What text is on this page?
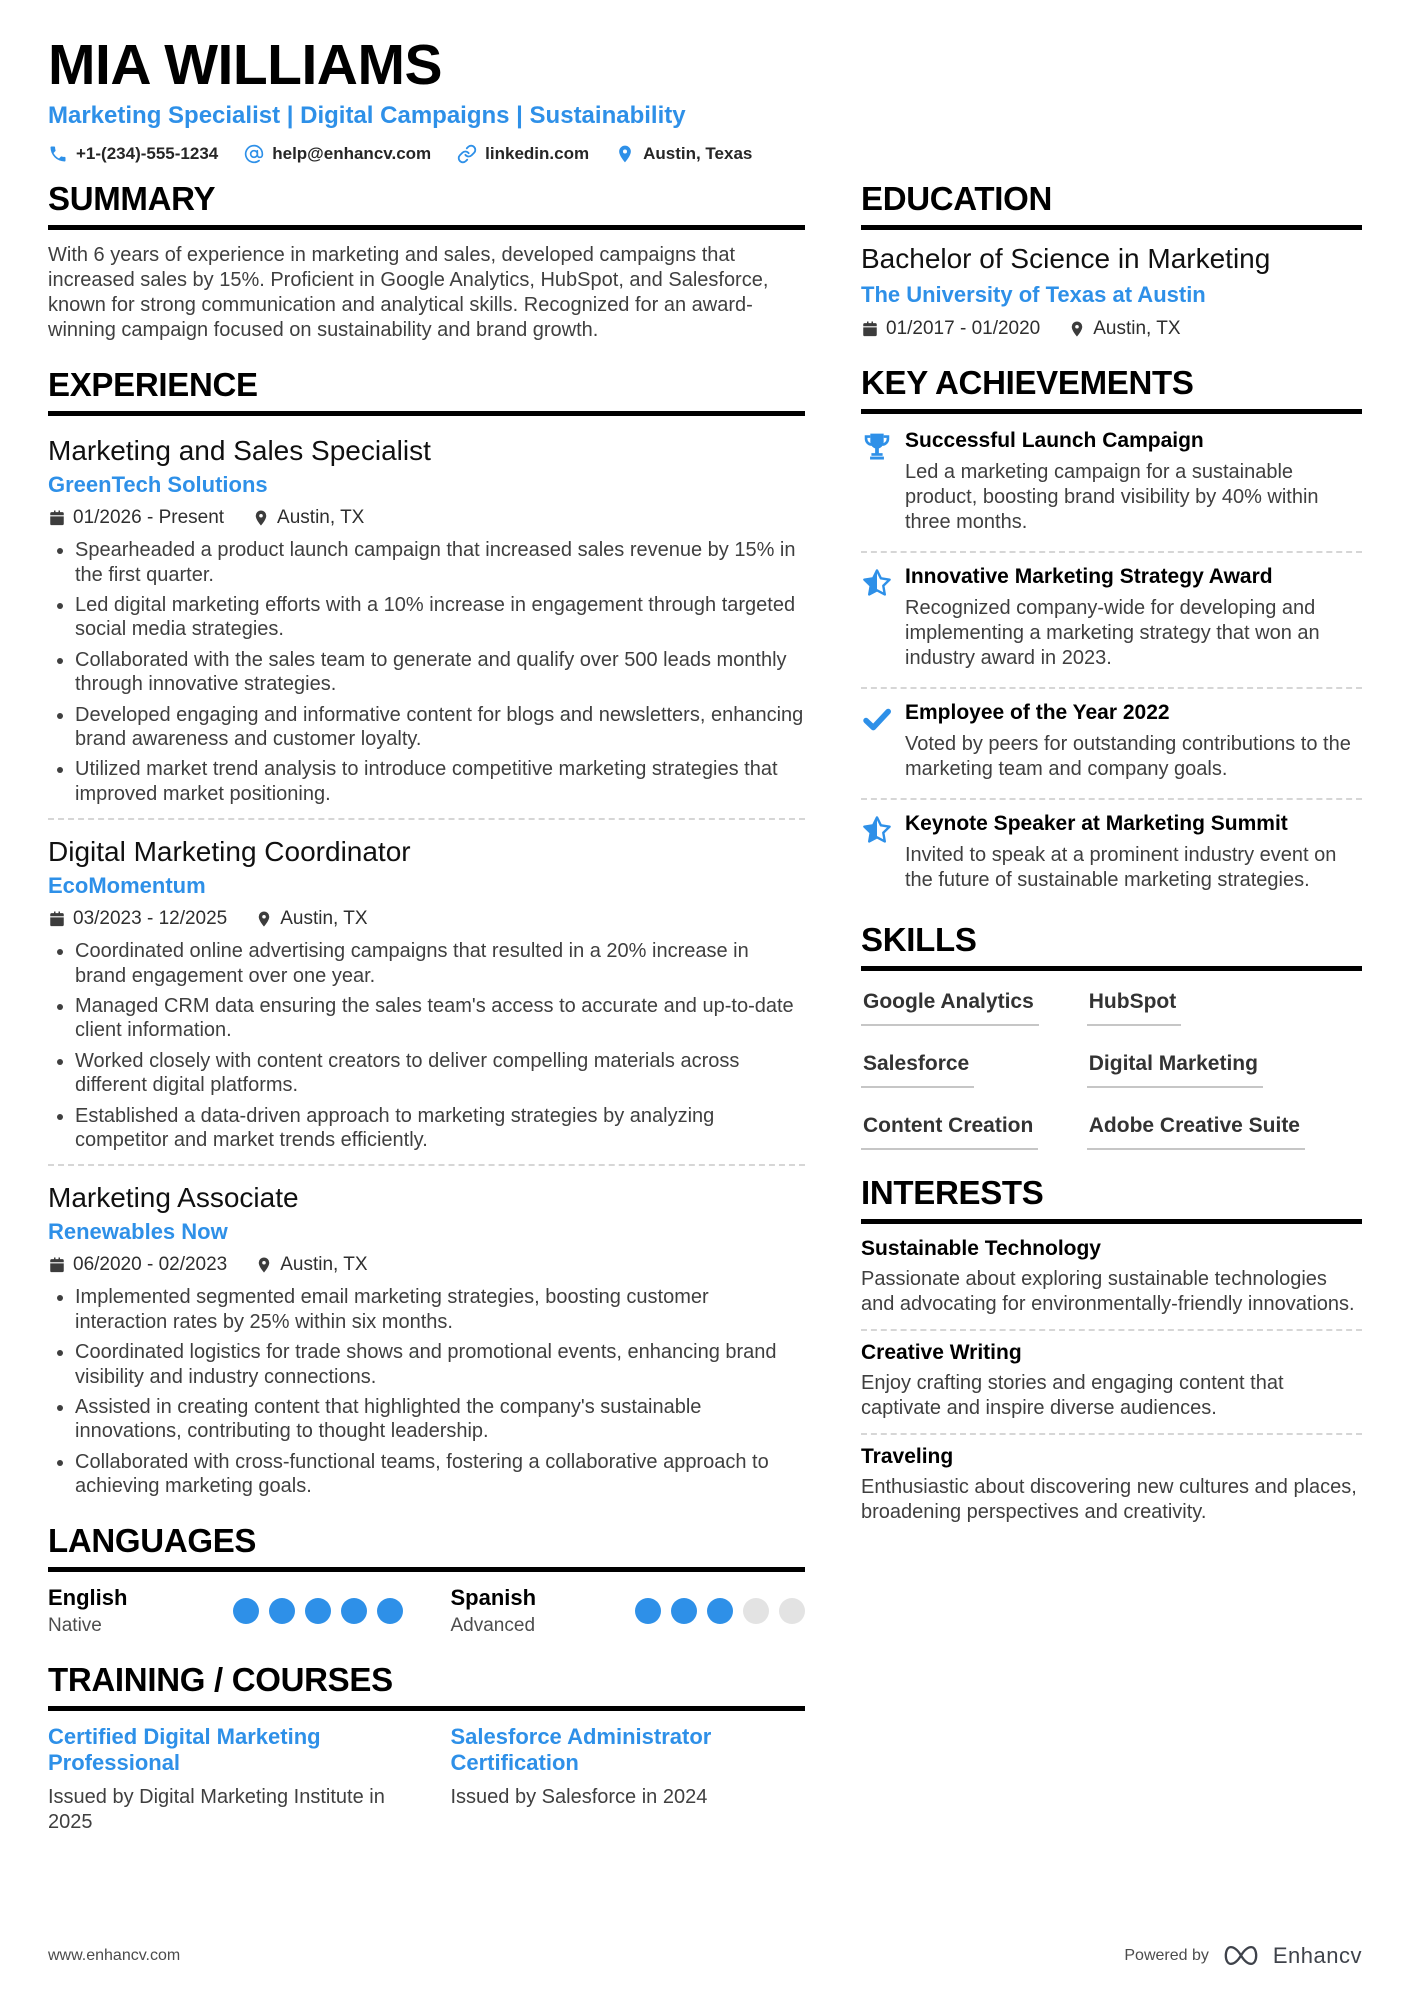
MIA WILLIAMS
Marketing Specialist | Digital Campaigns | Sustainability
+1-(234)-555-1234	help@enhancv.com	linkedin.com	Austin, Texas
SUMMARY

With 6 years of experience in marketing and sales, developed campaigns that increased sales by 15%. Proficient in Google Analytics, HubSpot, and Salesforce, known for strong communication and analytical skills. Recognized for an award-winning campaign focused on sustainability and brand growth.

EXPERIENCE
Marketing and Sales Specialist
GreenTech Solutions
01/2026 - Present	Austin, TX
• Spearheaded a product launch campaign that increased sales revenue by 15% in the first quarter.
• Led digital marketing efforts with a 10% increase in engagement through targeted social media strategies.
• Collaborated with the sales team to generate and qualify over 500 leads monthly through innovative strategies.
• Developed engaging and informative content for blogs and newsletters, enhancing brand awareness and customer loyalty.
• Utilized market trend analysis to introduce competitive marketing strategies that improved market positioning.
Digital Marketing Coordinator
EcoMomentum
03/2023 - 12/2025	Austin, TX
• Coordinated online advertising campaigns that resulted in a 20% increase in brand engagement over one year.
• Managed CRM data ensuring the sales team's access to accurate and up-to-date client information.
• Worked closely with content creators to deliver compelling materials across different digital platforms.
• Established a data-driven approach to marketing strategies by analyzing competitor and market trends efficiently.
Marketing Associate
Renewables Now
06/2020 - 02/2023	Austin, TX
• Implemented segmented email marketing strategies, boosting customer interaction rates by 25% within six months.
• Coordinated logistics for trade shows and promotional events, enhancing brand visibility and industry connections.
• Assisted in creating content that highlighted the company's sustainable innovations, contributing to thought leadership.
• Collaborated with cross-functional teams, fostering a collaborative approach to achieving marketing goals.
LANGUAGES
English
Native
Spanish
Advanced
TRAINING / COURSES
Certified Digital Marketing Professional
Issued by Digital Marketing Institute in 2025
Salesforce Administrator Certification
Issued by Salesforce in 2024
EDUCATION
Bachelor of Science in Marketing
The University of Texas at Austin
01/2017 - 01/2020	Austin, TX
KEY ACHIEVEMENTS
Successful Launch Campaign
Led a marketing campaign for a sustainable product, boosting brand visibility by 40% within three months.
Innovative Marketing Strategy Award
Recognized company-wide for developing and implementing a marketing strategy that won an industry award in 2023.
Employee of the Year 2022
Voted by peers for outstanding contributions to the marketing team and company goals.
Keynote Speaker at Marketing Summit
Invited to speak at a prominent industry event on the future of sustainable marketing strategies.
SKILLS
Google Analytics	HubSpot
Salesforce	Digital Marketing
Content Creation	Adobe Creative Suite
INTERESTS
Sustainable Technology
Passionate about exploring sustainable technologies and advocating for environmentally-friendly innovations.
Creative Writing
Enjoy crafting stories and engaging content that captivate and inspire diverse audiences.
Traveling
Enthusiastic about discovering new cultures and places, broadening perspectives and creativity.
www.enhancv.com	Powered by	Enhancv
